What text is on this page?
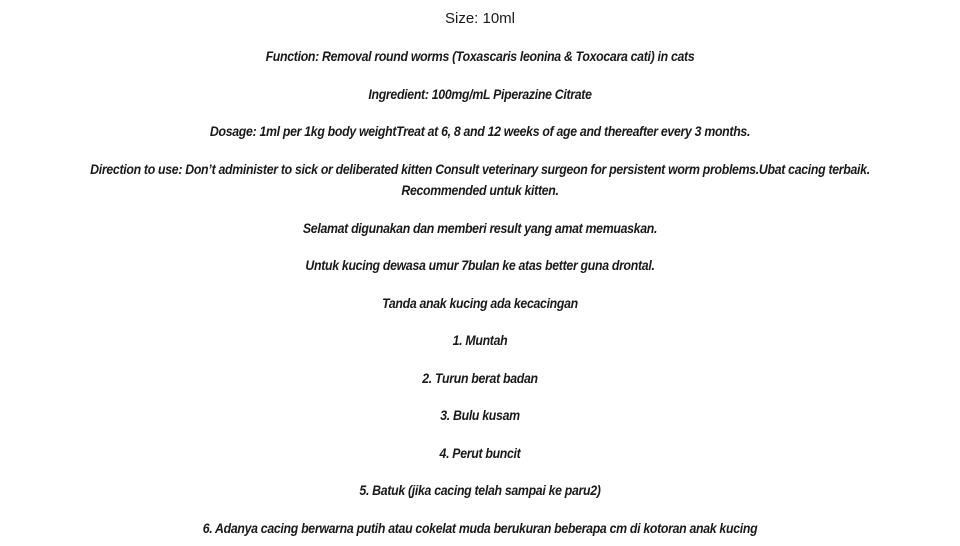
Size: 10ml
Function: Removal round worms (Toxascaris leonina & Toxocara cati) in cats
Ingredient: 100mg/mL Piperazine Citrate
Dosage: 1ml per 1kg body weightTreat at 6, 8 and 12 weeks of age and thereafter every 3 months.
Direction to use: Don’t administer to sick or deliberated kitten Consult veterinary surgeon for persistent worm problems.Ubat cacing terbaik.
Recommended untuk kitten.
Selamat digunakan dan memberi result yang amat memuaskan.
Untuk kucing dewasa umur 7bulan ke atas better guna drontal.
Tanda anak kucing ada kecacingan
1. Muntah
2. Turun berat badan
3. Bulu kusam
4. Perut buncit
5. Batuk (jika cacing telah sampai ke paru2)
6. Adanya cacing berwarna putih atau cokelat muda berukuran beberapa cm di kotoran anak kucing
